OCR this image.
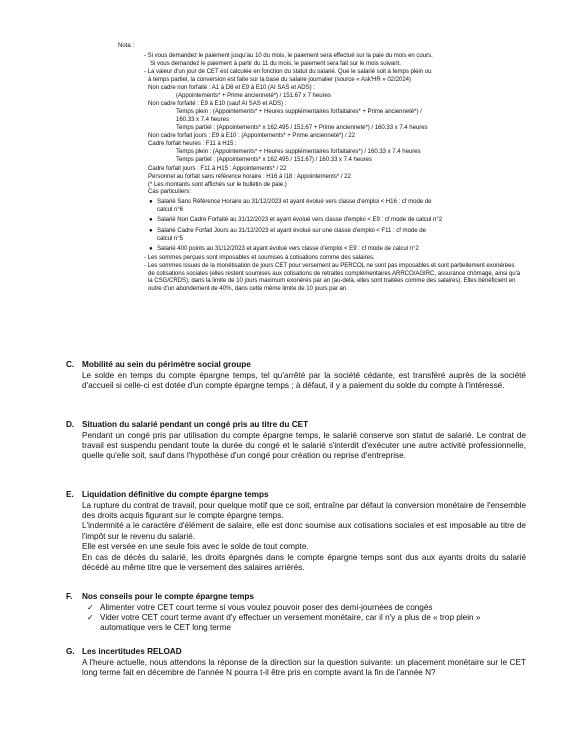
Nota :
- Si vous demandez le paiement jusqu'au 10 du mois, le paiement sera effectué sur la paie du mois en cours.
Si vous demandez le paiement à partir du 11 du mois, le paiement sera fait sur le mois suivant.
- La valeur d'un jour de CET est calculée en fonction du statut du salarié. Que le salarié soit à temps plein ou
à temps partiel, la conversion est faite sur la base du salaire journalier (source « Ask'HR » 02/2024)
Non cadre non forfaité : A1 à D8 et E9 à E10 (AI SAS et ADS) :
(Appointements* + Prime ancienneté*) / 151.67 x 7 heures
Non cadre forfaité : E9 à E10 (sauf AI SAS et ADS) :
Temps plein : (Appointements* + Heures supplémentaires forfaitaires* + Prime ancienneté*) /
160.33 x 7.4 heures
Temps partiel : (Appointements* x 162.495 / 151.67 + Prime ancienneté*) / 160.33 x 7.4 heures
Non cadre forfait jours : E9 à E10 : (Appointements* + Prime ancienneté*) / 22
Cadre forfait heures : F11 à H15 :
Temps plein : (Appointements* + Heures supplémentaires forfaitaires*) / 160.33 x 7.4 heures
Temps partiel : (Appointements* x 162.495 / 151.67) / 160.33 x 7.4 heures
Cadre forfait jours : F11 à H15 : Appointements* / 22
Personnel au forfait sans référence horaire : H16 à I18 : Appointements* / 22
(* Les montants sont affichés sur le bulletin de paie.)
Cas particuliers:
● Salarié Sans Référence Horaire au 31/12/2023 et ayant évolué vers classe d'emploi < H16 : cf mode de
calcul n°6
● Salarié Non Cadre Forfaité au 31/12/2023 et ayant évolué vers classe d'emploi < E9 : cf mode de calcul n°2
● Salarié Cadre Forfait Jours au 31/12/2023 et ayant évolué sur une classe d'emploi < F11 : cf mode de
calcul n°5
● Salarié 400 points au 31/12/2023 et ayant évolué vers classe d'emploi < E9 : cf mode de calcul n°2
- Les sommes perçues sont imposables et soumises à cotisations comme des salaires.
- Les sommes issues de la monétisation de jours CET pour versement au PERCOL ne sont pas imposables et sont partiellement exonérées de cotisations sociales (elles restent soumises aux cotisations de retraites complémentaires ARRCO/AGIRC, assurance chômage, ainsi qu'à la CSG/CRDS), dans la limite de 10 jours maximum exonérés par an (au-delà, elles sont traitées comme des salaires). Elles bénéficient en outre d'un abondement de 40%, dans cette même limite de 10 jours par an.
C. Mobilité au sein du périmètre social groupe

Le solde en temps du compte épargne temps, tel qu'arrêté par la société cédante, est transféré auprès de la société d'accueil si celle-ci est dotée d'un compte épargne temps ; à défaut, il y a paiement du solde du compte à l'intéressé.

D. Situation du salarié pendant un congé pris au titre du CET

Pendant un congé pris par utilisation du compte épargne temps, le salarié conserve son statut de salarié. Le contrat de travail est suspendu pendant toute la durée du congé et le salarié s'interdit d'exécuter une autre activité professionnelle, quelle qu'elle soit, sauf dans l'hypothèse d'un congé pour création ou reprise d'entreprise.

E. Liquidation définitive du compte épargne temps

La rupture du contrat de travail, pour quelque motif que ce soit, entraîne par défaut la conversion monétaire de l'ensemble des droits acquis figurant sur le compte épargne temps.

L'indemnité a le caractère d'élément de salaire, elle est donc soumise aux cotisations sociales et est imposable au titre de l'impôt sur le revenu du salarié.

Elle est versée en une seule fois avec le solde de tout compte.

En cas de décès du salarié, les droits épargnés dans le compte épargne temps sont dus aux ayants droits du salarié décédé au même titre que le versement des salaires arriérés.

F. Nos conseils pour le compte épargne temps
✓ Alimenter votre CET court terme si vous voulez pouvoir poser des demi-journées de congés
✓ Vider votre CET court terme avant d'y effectuer un versement monétaire, car il n'y a plus de « trop plein » automatique vers le CET long terme
G. Les incertitudes RELOAD

A l'heure actuelle, nous attendons la réponse de la direction sur la question suivante: un placement monétaire sur le CET long terme fait en décembre de l'année N pourra t-il être pris en compte avant la fin de l'année N?
